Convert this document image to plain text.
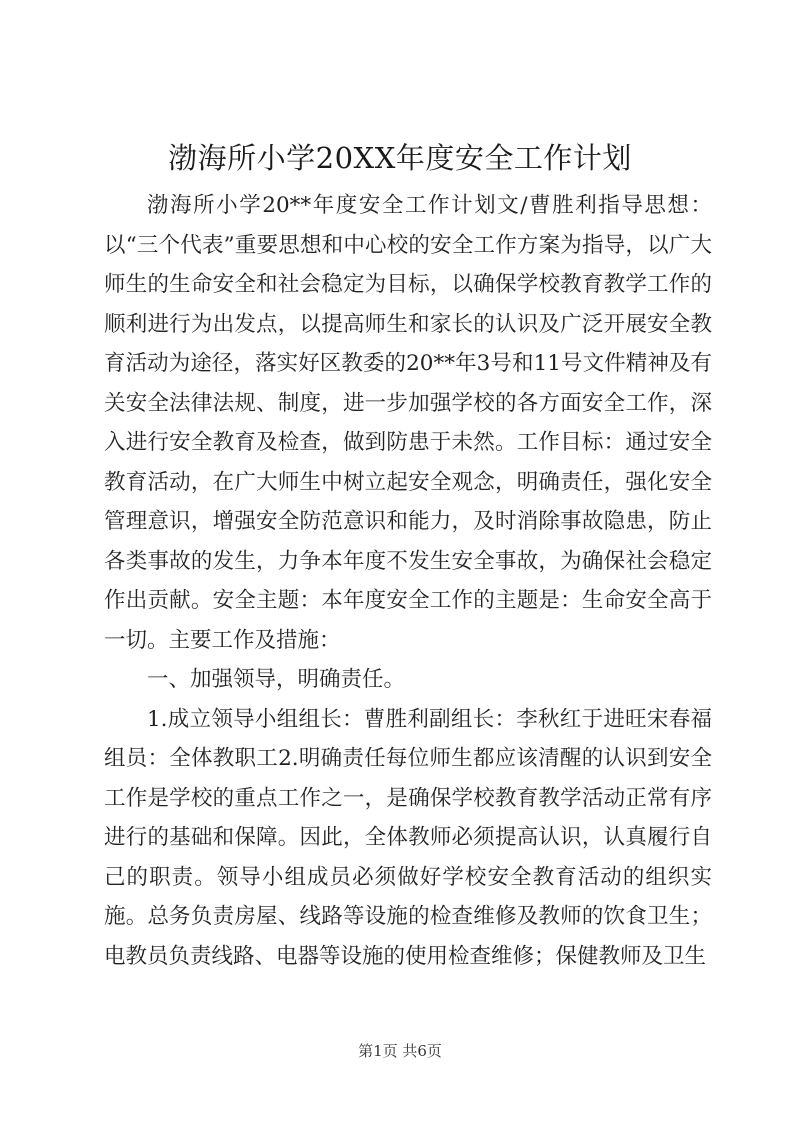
渤海所小学20XX年度安全工作计划

渤海所小学20**年度安全工作计划文/曹胜利指导思想：以“三个代表”重要思想和中心校的安全工作方案为指导，以广大师生的生命安全和社会稳定为目标，以确保学校教育教学工作的顺利进行为出发点，以提高师生和家长的认识及广泛开展安全教育活动为途径，落实好区教委的20**年3号和11号文件精神及有关安全法律法规、制度，进一步加强学校的各方面安全工作，深入进行安全教育及检查，做到防患于未然。工作目标：通过安全教育活动，在广大师生中树立起安全观念，明确责任，强化安全管理意识，增强安全防范意识和能力，及时消除事故隐患，防止各类事故的发生，力争本年度不发生安全事故，为确保社会稳定作出贡献。安全主题：本年度安全工作的主题是：生命安全高于一切。主要工作及措施：

一、加强领导，明确责任。

1.成立领导小组组长：曹胜利副组长：李秋红于进旺宋春福组员：全体教职工2.明确责任每位师生都应该清醒的认识到安全工作是学校的重点工作之一，是确保学校教育教学活动正常有序进行的基础和保障。因此，全体教师必须提高认识，认真履行自己的职责。领导小组成员必须做好学校安全教育活动的组织实施。总务负责房屋、线路等设施的检查维修及教师的饮食卫生；电教员负责线路、电器等设施的使用检查维修；保健教师及卫生

第1页 共6页
